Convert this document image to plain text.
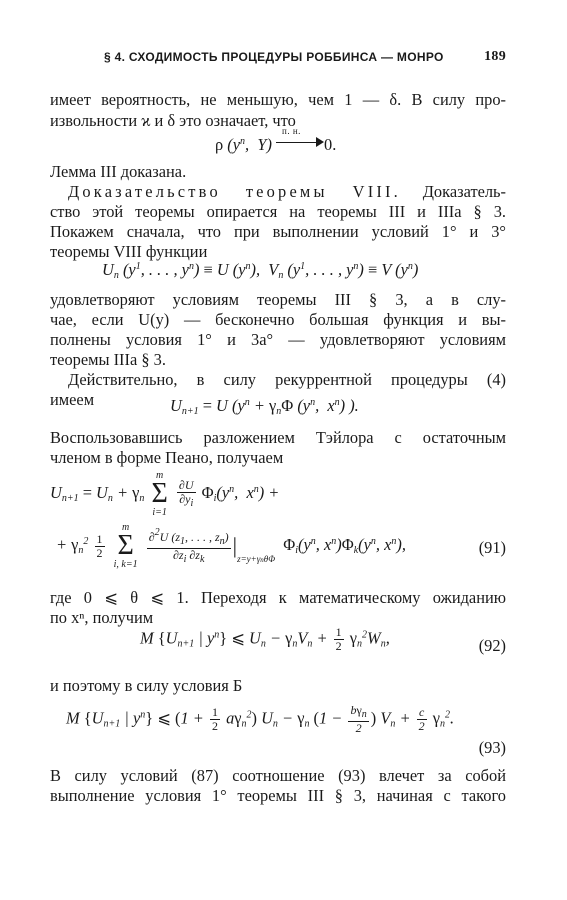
§ 4. СХОДИМОСТЬ ПРОЦЕДУРЫ РОББИНСА — МОНРО	189
имеет вероятность, не меньшую, чем 1 — δ. В силу про-
извольности ϰ и δ это означает, что
ρ ($y^n$,  Y)
п. н.
0.
Лемма III доказана.
Доказательство теоремы VIII. Доказатель-
ство этой теоремы опирается на теоремы III и IIIa § 3.
Покажем сначала, что при выполнении условий 1° и 3°
теоремы VIII функции
$U_n$ ($y^1$, . . . , $y^n) \equiv U$ $(y^n)$,  $V_n$ ($y^1$, . . . , $y^n) \equiv V$ $(y^n)$
удовлетворяют условиям теоремы III § 3, а в слу-
чае, если U(y) — бесконечно большая функция и вы-
полнены условия 1° и 3а° — удовлетворяют условиям
теоремы IIIa § 3.
Действительно, в силу рекуррентной процедуры (4)
имеем	$U_{n+1} = U$ ($y^n + \gamma_n\Phi$ ($y^n$,  $x^n$) ).
Воспользовавшись разложением Тэйлора с остаточным
членом в форме Пеано, получаем
$U_{n+1} = U_n + \gamma_n$
m
Σ
i=1

$\frac{\partial U}{\partial y_i} \Phi_i(y^n$,  $x^n$) +
+ $\gamma_n^2 \frac{1}{2}$

m
Σ
i, k=1
$\frac{\partial^2U (z_1, . . . , z_n)}{\partial z_i \partial z_k} |_{z=y+\gamma n\theta\Phi}$  $\Phi_i(y^n$, $x^n)\Phi_k(y^n$, $x^n$),	(91)
где 0 ⩽ θ ⩽ 1. Переходя к математическому ожиданию
по xⁿ, получим
M {$U_{n+1}$ | $y^n$} ⩽ $U_n - \gamma_nV_n + \frac{1}{2} \gamma_n^2W_n$,	(92)
и поэтому в силу условия Б
M {$U_{n+1}$ | $y^n$} ⩽ $(1 + \frac{1}{2} a\gamma_n^2)$ $U_n - \gamma_n$ ($1 - \frac{b\gamma_n}{2}$ ) $V_n + \frac{c}{2} \gamma_n^2$.
(93)
В силу условий (87) соотношение (93) влечет за собой
выполнение условия 1° теоремы III § 3, начиная с такого
